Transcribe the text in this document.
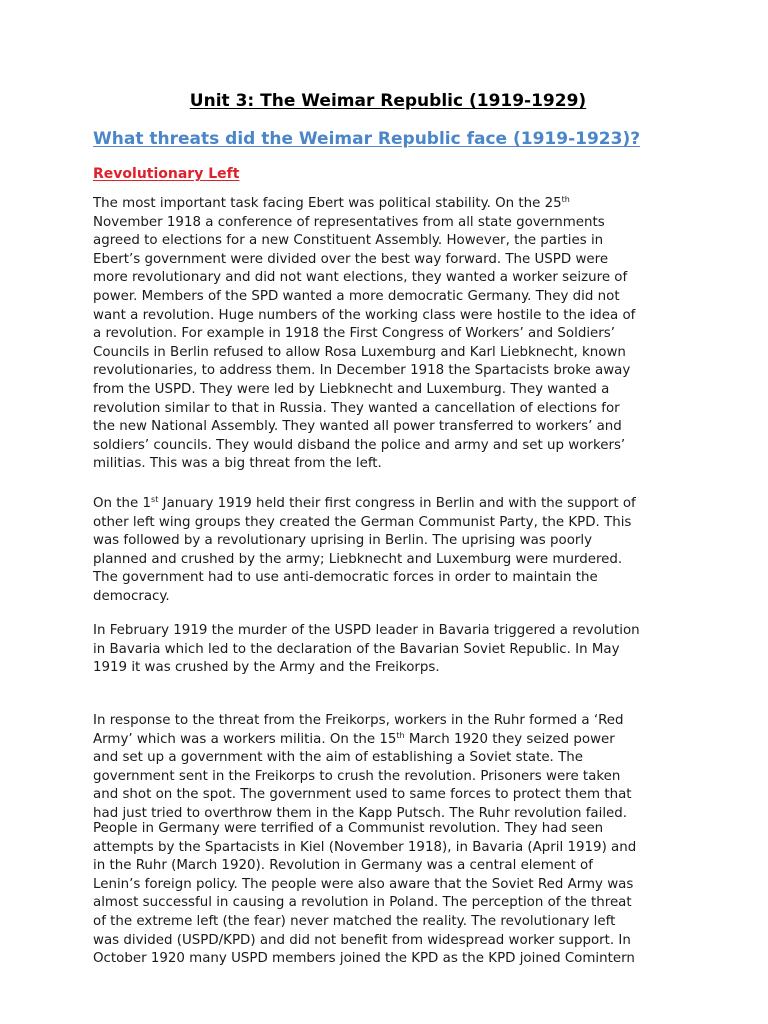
Unit 3: The Weimar Republic (1919-1929)
What threats did the Weimar Republic face (1919-1923)?
Revolutionary Left

The most important task facing Ebert was political stability. On the 25th
November 1918 a conference of representatives from all state governments
agreed to elections for a new Constituent Assembly. However, the parties in
Ebert’s government were divided over the best way forward. The USPD were
more revolutionary and did not want elections, they wanted a worker seizure of
power. Members of the SPD wanted a more democratic Germany. They did not
want a revolution. Huge numbers of the working class were hostile to the idea of
a revolution. For example in 1918 the First Congress of Workers’ and Soldiers’
Councils in Berlin refused to allow Rosa Luxemburg and Karl Liebknecht, known
revolutionaries, to address them. In December 1918 the Spartacists broke away
from the USPD. They were led by Liebknecht and Luxemburg. They wanted a
revolution similar to that in Russia. They wanted a cancellation of elections for
the new National Assembly. They wanted all power transferred to workers’ and
soldiers’ councils. They would disband the police and army and set up workers’
militias. This was a big threat from the left.

On the 1st January 1919 held their first congress in Berlin and with the support of
other left wing groups they created the German Communist Party, the KPD. This
was followed by a revolutionary uprising in Berlin. The uprising was poorly
planned and crushed by the army; Liebknecht and Luxemburg were murdered.
The government had to use anti-democratic forces in order to maintain the
democracy.

In February 1919 the murder of the USPD leader in Bavaria triggered a revolution
in Bavaria which led to the declaration of the Bavarian Soviet Republic. In May
1919 it was crushed by the Army and the Freikorps.

In response to the threat from the Freikorps, workers in the Ruhr formed a ‘Red
Army’ which was a workers militia. On the 15th March 1920 they seized power
and set up a government with the aim of establishing a Soviet state. The
government sent in the Freikorps to crush the revolution. Prisoners were taken
and shot on the spot. The government used to same forces to protect them that
had just tried to overthrow them in the Kapp Putsch. The Ruhr revolution failed.

People in Germany were terrified of a Communist revolution. They had seen
attempts by the Spartacists in Kiel (November 1918), in Bavaria (April 1919) and
in the Ruhr (March 1920). Revolution in Germany was a central element of
Lenin’s foreign policy. The people were also aware that the Soviet Red Army was
almost successful in causing a revolution in Poland. The perception of the threat
of the extreme left (the fear) never matched the reality. The revolutionary left
was divided (USPD/KPD) and did not benefit from widespread worker support. In
October 1920 many USPD members joined the KPD as the KPD joined Comintern
